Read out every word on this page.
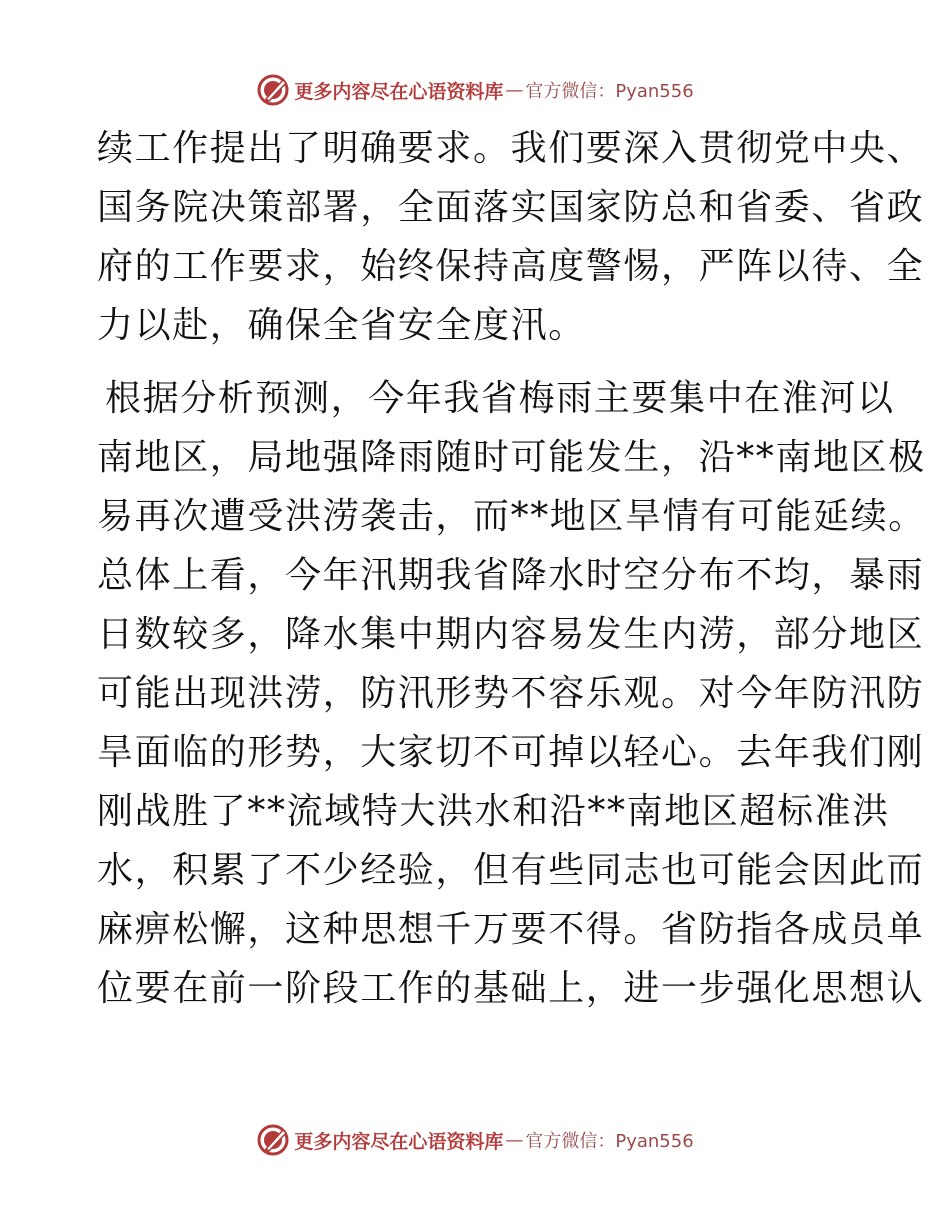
更多内容尽在心语资料库 — 官方微信：Pyan556

续工作提出了明确要求。我们要深入贯彻党中央、
国务院决策部署，全面落实国家防总和省委、省政
府的工作要求，始终保持高度警惕，严阵以待、全
力以赴，确保全省安全度汛。

根据分析预测，今年我省梅雨主要集中在淮河以
南地区，局地强降雨随时可能发生，沿**南地区极
易再次遭受洪涝袭击，而**地区旱情有可能延续。
总体上看，今年汛期我省降水时空分布不均，暴雨
日数较多，降水集中期内容易发生内涝，部分地区
可能出现洪涝，防汛形势不容乐观。对今年防汛防
旱面临的形势，大家切不可掉以轻心。去年我们刚
刚战胜了**流域特大洪水和沿**南地区超标准洪
水，积累了不少经验，但有些同志也可能会因此而
麻痹松懈，这种思想千万要不得。省防指各成员单
位要在前一阶段工作的基础上，进一步强化思想认

更多内容尽在心语资料库 — 官方微信：Pyan556
